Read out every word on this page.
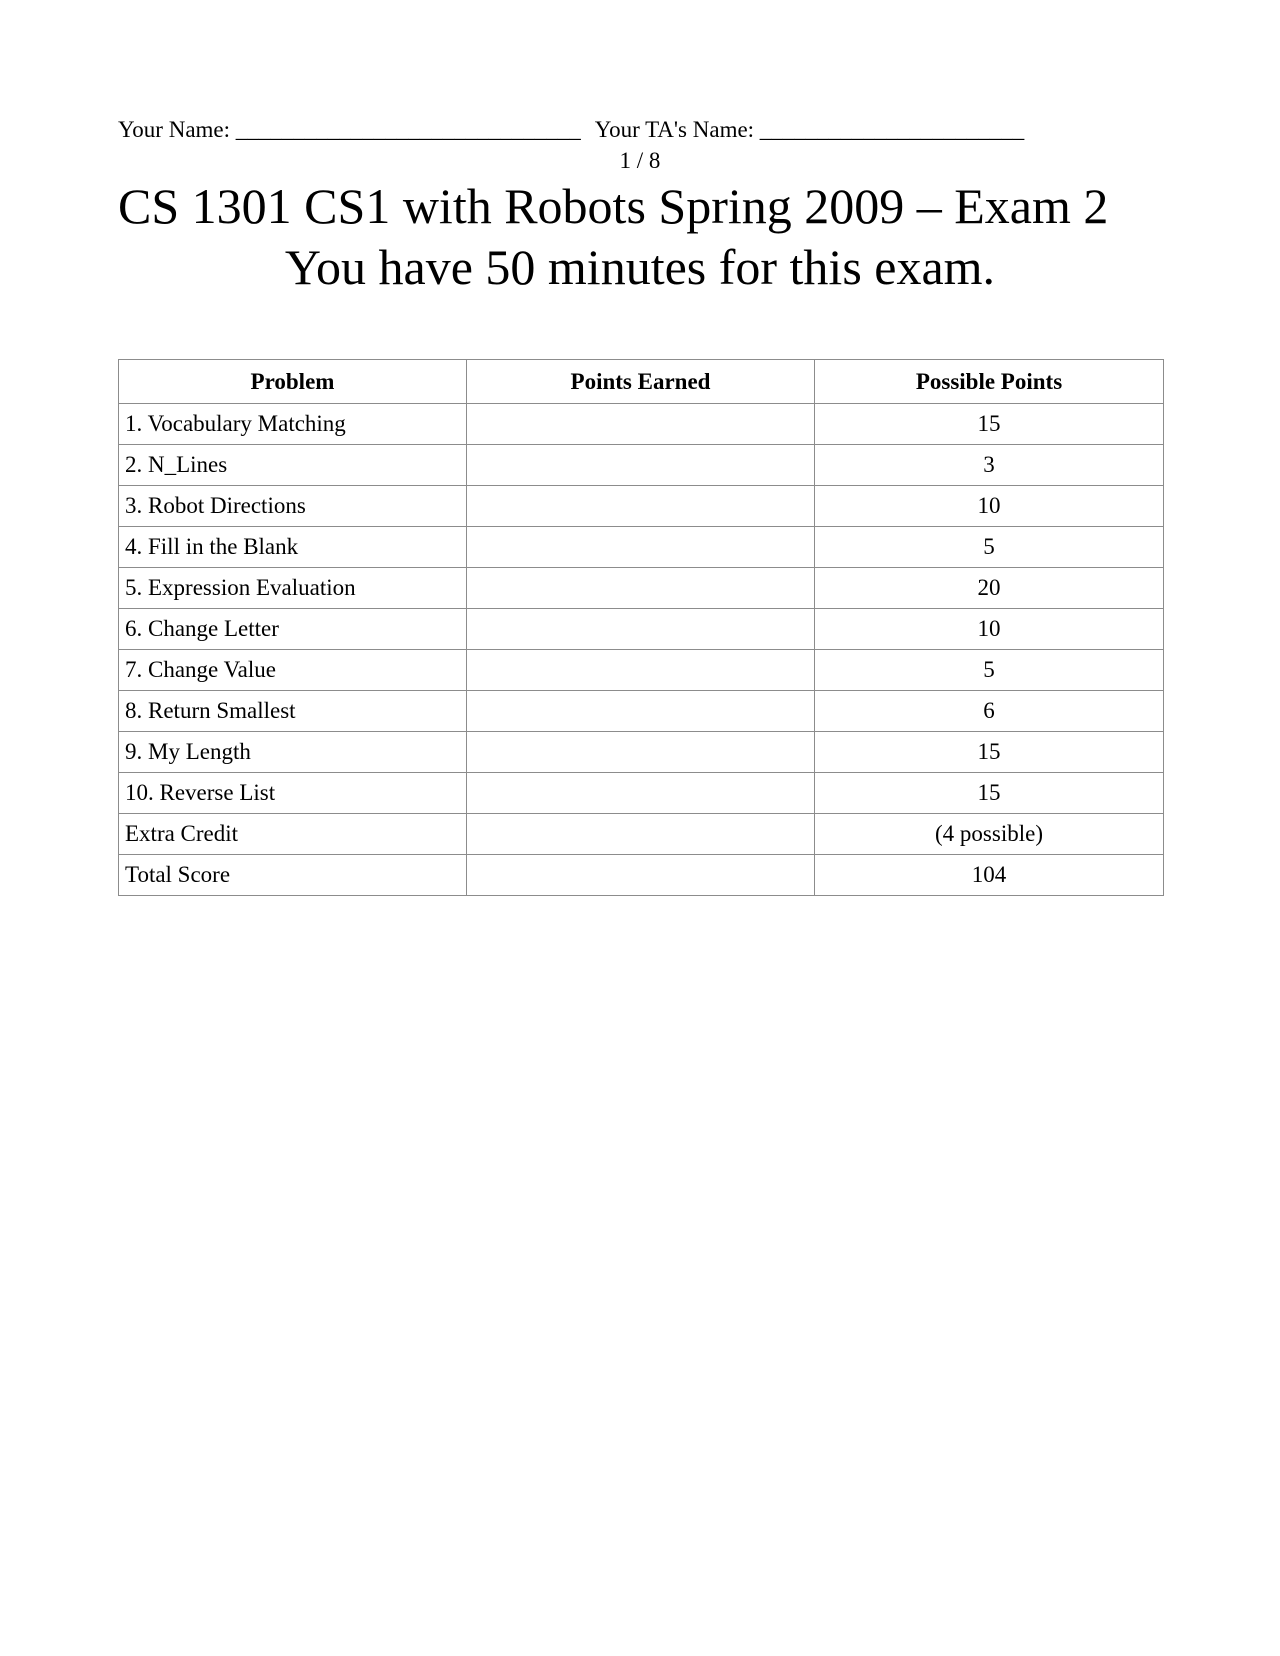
Your Name: ______________________________ Your TA's Name: _______________________
1 / 8
CS 1301 CS1 with Robots Spring 2009 – Exam 2
You have 50 minutes for this exam.
Problem	Points Earned	Possible Points
1. Vocabulary Matching		15
2. N_Lines		3
3. Robot Directions		10
4. Fill in the Blank		5
5. Expression Evaluation		20
6. Change Letter		10
7. Change Value		5
8. Return Smallest		6
9. My Length		15
10. Reverse List		15
Extra Credit		(4 possible)
Total Score		104
